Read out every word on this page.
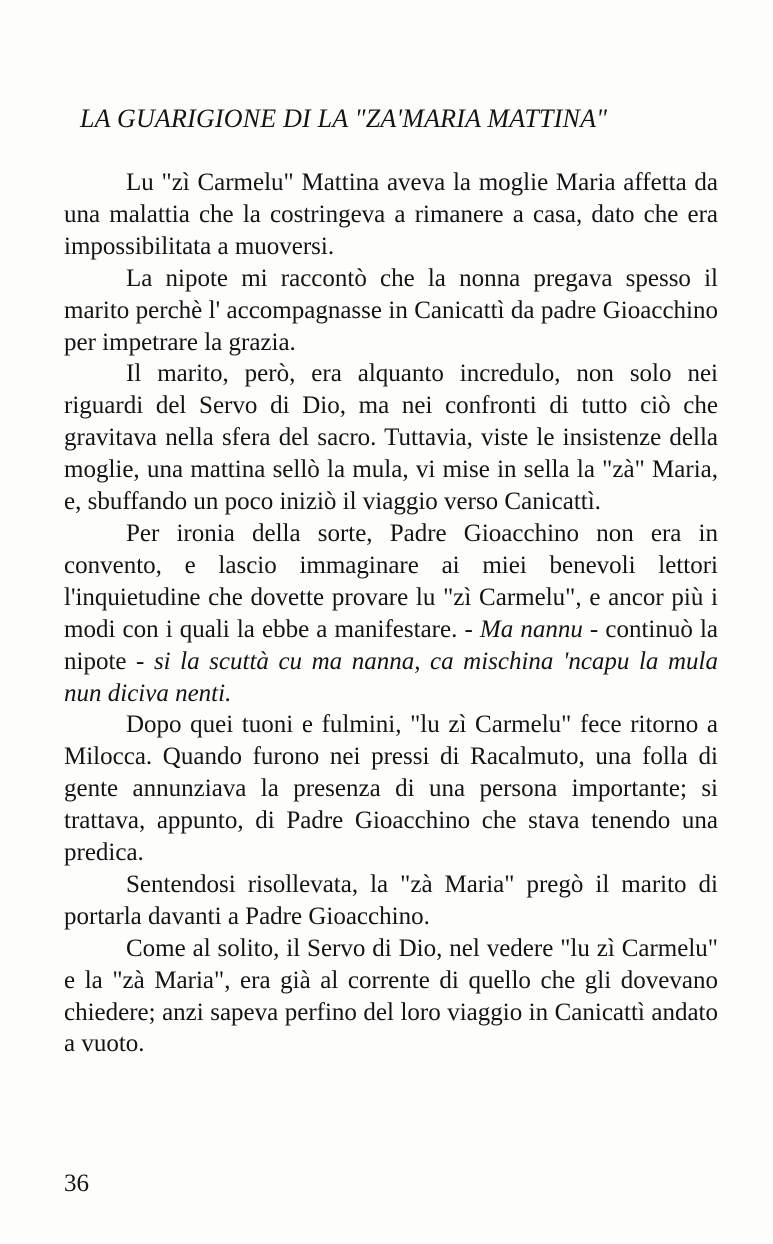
LA GUARIGIONE DI LA "ZA'MARIA MATTINA"

Lu "zì Carmelu" Mattina aveva la moglie Maria affetta da una malattia che la costringeva a rimanere a casa, dato che era impossibilitata a muoversi.

La nipote mi raccontò che la nonna pregava spesso il marito perchè l' accompagnasse in Canicattì da padre Gioacchino per impetrare la grazia.

Il marito, però, era alquanto incredulo, non solo nei riguardi del Servo di Dio, ma nei confronti di tutto ciò che gravitava nella sfera del sacro. Tuttavia, viste le insistenze della moglie, una mattina sellò la mula, vi mise in sella la "zà" Maria, e, sbuffando un poco iniziò il viaggio verso Canicattì.

Per ironia della sorte, Padre Gioacchino non era in convento, e lascio immaginare ai miei benevoli lettori l'inquietudine che dovette provare lu "zì Carmelu", e ancor più i modi con i quali la ebbe a manifestare. - Ma nannu - continuò la nipote - si la scuttà cu ma nanna, ca mischina 'ncapu la mula nun diciva nenti.

Dopo quei tuoni e fulmini, "lu zì Carmelu" fece ritorno a Milocca. Quando furono nei pressi di Racalmuto, una folla di gente annunziava la presenza di una persona importante; si trattava, appunto, di Padre Gioacchino che stava tenendo una predica.

Sentendosi risollevata, la "zà Maria" pregò il marito di portarla davanti a Padre Gioacchino.

Come al solito, il Servo di Dio, nel vedere "lu zì Carmelu" e la "zà Maria", era già al corrente di quello che gli dovevano chiedere; anzi sapeva perfino del loro viaggio in Canicattì andato a vuoto.

36
